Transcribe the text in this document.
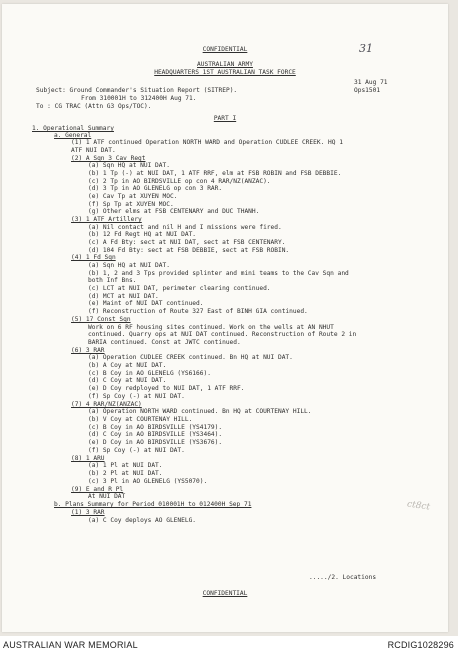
CONFIDENTIAL	31
AUSTRALIAN ARMY
HEADQUARTERS 1ST AUSTRALIAN TASK FORCE
31 Aug 71
Ops1501
Subject: Ground Commander's Situation Report (SITREP).
From 310001H to 312400H Aug 71.
To : CG TRAC (Attn G3 Ops/TOC).
PART I
1. Operational Summary
a. General
(1) 1 ATF continued Operation NORTH WARD and Operation CUDLEE CREEK. HQ 1
ATF NUI DAT.
(2) A Sqn 3 Cav Regt
(a) Sqn HQ at NUI DAT.
(b) 1 Tp (-) at NUI DAT, 1 ATF RRF, elm at FSB ROBIN and FSB DEBBIE.
(c) 2 Tp in AO BIRDSVILLE op con 4 RAR/NZ(ANZAC).
(d) 3 Tp in AO GLENELG op con 3 RAR.
(e) Cav Tp at XUYEN MOC.
(f) Sp Tp at XUYEN MOC.
(g) Other elms at FSB CENTENARY and DUC THANH.
(3) 1 ATF Artillery
(a) Nil contact and nil H and I missions were fired.
(b) 12 Fd Regt HQ at NUI DAT.
(c) A Fd Bty: sect at NUI DAT, sect at FSB CENTENARY.
(d) 104 Fd Bty: sect at FSB DEBBIE, sect at FSB ROBIN.
(4) 1 Fd Sqn
(a) Sqn HQ at NUI DAT.
(b) 1, 2 and 3 Tps provided splinter and mini teams to the Cav Sqn and
both Inf Bns.
(c) LCT at NUI DAT, perimeter clearing continued.
(d) MCT at NUI DAT.
(e) Maint of NUI DAT continued.
(f) Reconstruction of Route 327 East of BINH GIA continued.
(5) 17 Const Sqn
Work on 6 RF housing sites continued. Work on the wells at AN NHUT
continued. Quarry ops at NUI DAT continued. Reconstruction of Route 2 in
BARIA continued. Const at JWTC continued.
(6) 3 RAR
(a) Operation CUDLEE CREEK continued. Bn HQ at NUI DAT.
(b) A Coy at NUI DAT.
(c) B Coy in AO GLENELG (YS6166).
(d) C Coy at NUI DAT.
(e) D Coy redployed to NUI DAT, 1 ATF RRF.
(f) Sp Coy (-) at NUI DAT.
(7) 4 RAR/NZ(ANZAC)
(a) Operation NORTH WARD continued. Bn HQ at COURTENAY HILL.
(b) V Coy at COURTENAY HILL.
(c) B Coy in AO BIRDSVILLE (YS4179).
(d) C Coy in AO BIRDSVILLE (YS3464).
(e) D Coy in AO BIRDSVILLE (YS3676).
(f) Sp Coy (-) at NUI DAT.
(8) 1 ARU
(a) 1 Pl at NUI DAT.
(b) 2 Pl at NUI DAT.
(c) 3 Pl in AO GLENELG (YS5070).
(9) E and R Pl
At NUI DAT
b. Plans Summary for Period 010001H to 012400H Sep 71
(1) 3 RAR
(a) C Coy deploys AO GLENELG.
...../2. Locations
CONFIDENTIAL
ct8ct
AUSTRALIAN WAR MEMORIAL	RCDIG1028296
